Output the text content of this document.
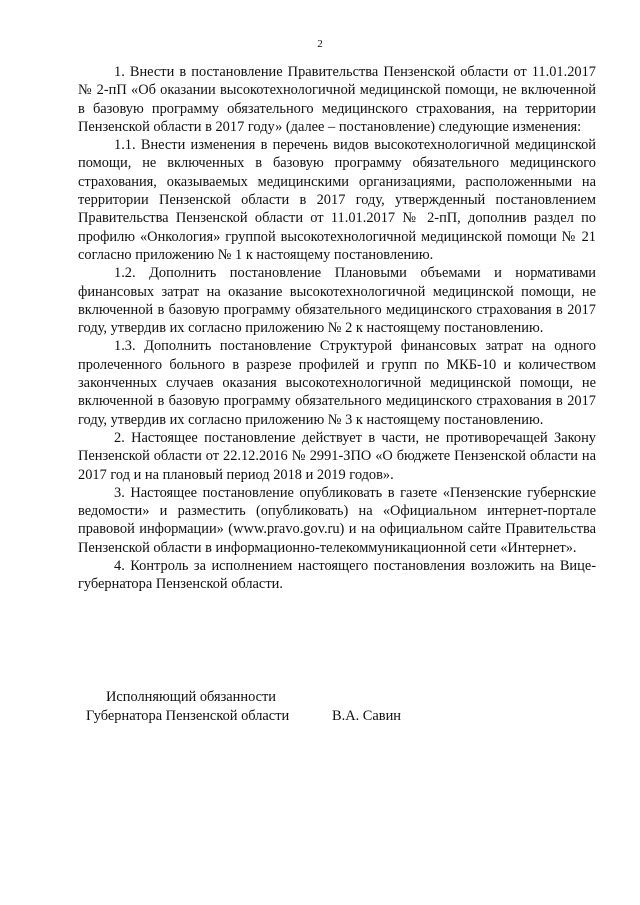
2

1. Внести в постановление Правительства Пензенской области от 11.01.2017 № 2-пП «Об оказании высокотехнологичной медицинской помощи, не включенной в базовую программу обязательного медицинского страхования, на территории Пензенской области в 2017 году» (далее – постановление) следующие изменения:

1.1. Внести изменения в перечень видов высокотехнологичной медицинской помощи, не включенных в базовую программу обязательного медицинского страхования, оказываемых медицинскими организациями, расположенными на территории Пензенской области в 2017 году, утвержденный постановлением Правительства Пензенской области от 11.01.2017 № 2-пП, дополнив раздел по профилю «Онкология» группой высокотехнологичной медицинской помощи № 21 согласно приложению № 1 к настоящему постановлению.

1.2. Дополнить постановление Плановыми объемами и нормативами финансовых затрат на оказание высокотехнологичной медицинской помощи, не включенной в базовую программу обязательного медицинского страхования в 2017 году, утвердив их согласно приложению № 2 к настоящему постановлению.

1.3. Дополнить постановление Структурой финансовых затрат на одного пролеченного больного в разрезе профилей и групп по МКБ-10 и количеством законченных случаев оказания высокотехнологичной медицинской помощи, не включенной в базовую программу обязательного медицинского страхования в 2017 году, утвердив их согласно приложению № 3 к настоящему постановлению.

2. Настоящее постановление действует в части, не противоречащей Закону Пензенской области от 22.12.2016 № 2991-ЗПО «О бюджете Пензенской области на 2017 год и на плановый период 2018 и 2019 годов».

3. Настоящее постановление опубликовать в газете «Пензенские губернские ведомости» и разместить (опубликовать) на «Официальном интернет-портале правовой информации» (www.pravo.gov.ru) и на официальном сайте Правительства Пензенской области в информационно-телекоммуникационной сети «Интернет».

4. Контроль за исполнением настоящего постановления возложить на Вице-губернатора Пензенской области.

Исполняющий обязанности
Губернатора Пензенской области	В.А. Савин
